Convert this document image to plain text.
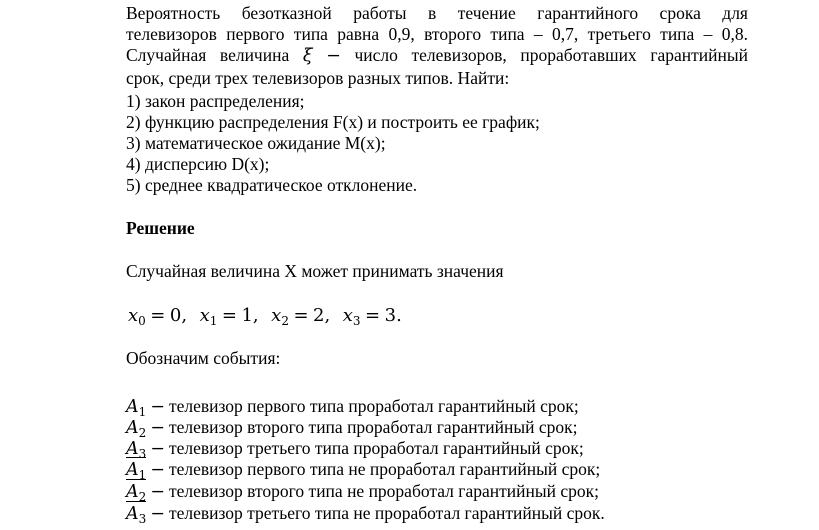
Вероятность безотказной работы в течение гарантийного срока для
телевизоров первого типа равна 0,9, второго типа – 0,7, третьего типа – 0,8.
Случайная величина ξ − число телевизоров, проработавших гарантийный
срок, среди трех телевизоров разных типов. Найти:
1) закон распределения;
2) функцию распределения F(x) и построить ее график;
3) математическое ожидание M(x);
4) дисперсию D(x);
5) среднее квадратическое отклонение.
Решение
Случайная величина X может принимать значения
$x_0 = 0$, $x_1 = 1$, $x_2 = 2$, $x_3 = 3$.
Обозначим события:
$A_1$ − телевизор первого типа проработал гарантийный срок;
$A_2$ − телевизор второго типа проработал гарантийный срок;
$A_3$ − телевизор третьего типа проработал гарантийный срок;
$A_1$ − телевизор первого типа не проработал гарантийный срок;
$A_2$ − телевизор второго типа не проработал гарантийный срок;
$A_3$ − телевизор третьего типа не проработал гарантийный срок.
